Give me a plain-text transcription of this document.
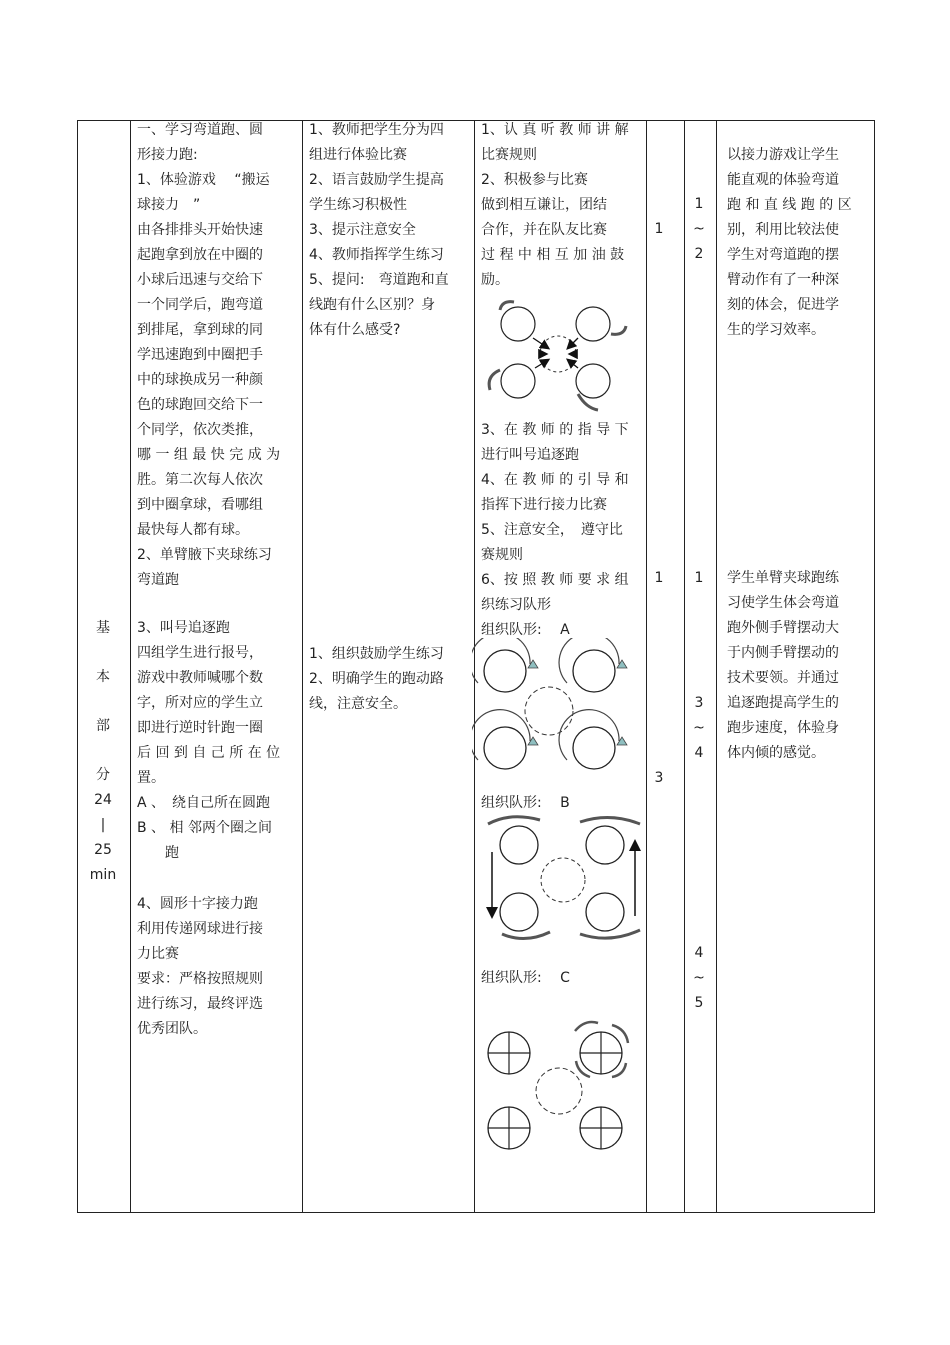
基

本

部

分

24

|

25

min

一、学习弯道跑、圆

形接力跑:

1、体验游戏　 “搬运

球接力　”

由各排排头开始快速

起跑拿到放在中圈的

小球后迅速与交给下

一个同学后，跑弯道

到排尾，拿到球的同

学迅速跑到中圈把手

中的球换成另一种颜

色的球跑回交给下一

个同学，依次类推，

哪 一 组 最 快 完 成 为

胜。第二次每人依次

到中圈拿球，看哪组

最快每人都有球。

2、单臂腋下夹球练习

弯道跑

3、叫号追逐跑

四组学生进行报号，

游戏中教师喊哪个数

字，所对应的学生立

即进行逆时针跑一圈

后 回 到 自 己 所 在 位

置。

A 、　绕自己所在圆跑

B 、 相 邻两个圈之间

　　跑

4、圆形十字接力跑

利用传递网球进行接

力比赛

要求：严格按照规则

进行练习，最终评选

优秀团队。

1、教师把学生分为四

组进行体验比赛

2、语言鼓励学生提高

学生练习积极性

3、提示注意安全

4、教师指挥学生练习

5、提问:　弯道跑和直

线跑有什么区别？身

体有什么感受?

1、组织鼓励学生练习

2、明确学生的跑动路

线，注意安全。

1、认 真 听 教 师 讲 解

比赛规则

2、积极参与比赛

做到相互谦让，团结

合作，并在队友比赛

过 程 中 相 互 加 油 鼓

励。

3、在 教 师 的 指 导 下

进行叫号追逐跑

4、在 教 师 的 引 导 和

指挥下进行接力比赛

5、注意安全，　遵守比

赛规则

6、按 照 教 师 要 求 组

织练习队形

组织队形:　 A

组织队形:　 B

组织队形:　 C

1

1

3

1

~

2

1

3

~

4

4

~

5

以接力游戏让学生

能直观的体验弯道

跑 和 直 线 跑 的 区

别，利用比较法使

学生对弯道跑的摆

臂动作有了一种深

刻的体会，促进学

生的学习效率。

学生单臂夹球跑练

习使学生体会弯道

跑外侧手臂摆动大

于内侧手臂摆动的

技术要领。并通过

追逐跑提高学生的

跑步速度，体验身

体内倾的感觉。
